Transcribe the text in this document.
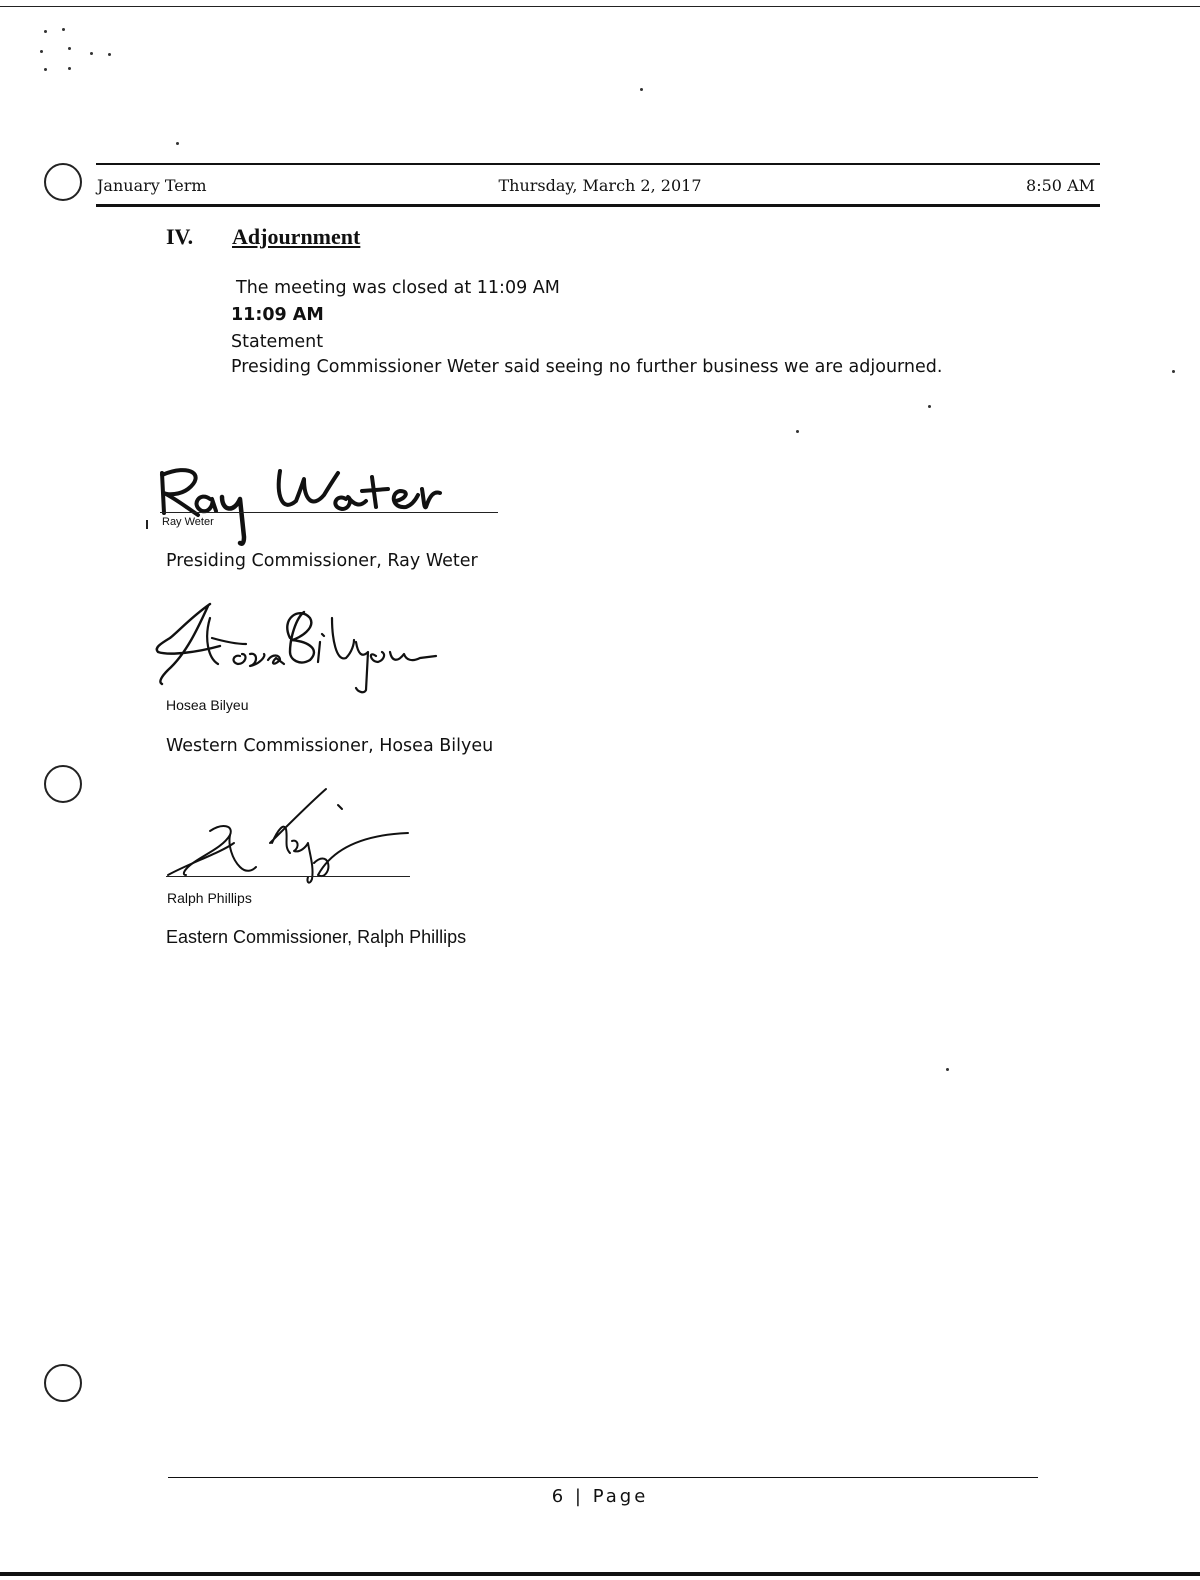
January Term	Thursday, March 2, 2017	8:50 AM
IV. Adjournment
The meeting was closed at 11:09 AM
11:09 AM
Statement
Presiding Commissioner Weter said seeing no further business we are adjourned.
Ray Weter
Presiding Commissioner, Ray Weter
Hosea Bilyeu
Western Commissioner, Hosea Bilyeu
Ralph Phillips
Eastern Commissioner, Ralph Phillips
6 | Page
